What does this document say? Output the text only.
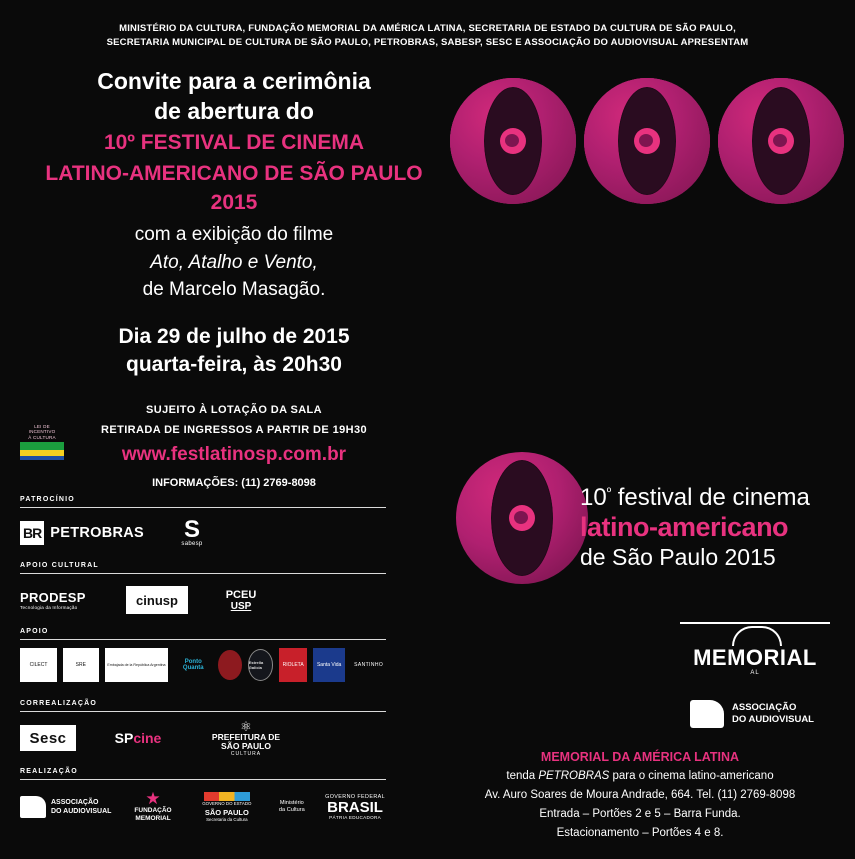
MINISTÉRIO DA CULTURA, FUNDAÇÃO MEMORIAL DA AMÉRICA LATINA, SECRETARIA DE ESTADO DA CULTURA DE SÃO PAULO,
SECRETARIA MUNICIPAL DE CULTURA DE SÃO PAULO, PETROBRAS, SABESP, SESC E ASSOCIAÇÃO DO AUDIOVISUAL APRESENTAM
Convite para a cerimônia
de abertura do
10º FESTIVAL DE CINEMA
LATINO-AMERICANO DE SÃO PAULO 2015
com a exibição do filme
Ato, Atalho e Vento,
de Marcelo Masagão.
Dia 29 de julho de 2015
quarta-feira, às 20h30
SUJEITO À LOTAÇÃO DA SALA
RETIRADA DE INGRESSOS A PARTIR DE 19H30
www.festlatinosp.com.br
INFORMAÇÕES: (11) 2769-8098
LEI DE
INCENTIVO
À CULTURA
PATROCÍNIO
BR PETROBRAS S
sabesp
APOIO CULTURAL
PRODESP
Tecnologia da Informação	cinusp	PCEU
USP
APOIO
CILECT	SRE	Embajada de la República Argentina	Ponto Quanta
Estrella Galicia	RIOLETA	Santa Vida	SANTINHO
CORREALIZAÇÃO
Sesc	SP cine
⚛
PREFEITURA DE
SÃO PAULO
CULTURA
REALIZAÇÃO
ASSOCIAÇÃO
DO AUDIOVISUAL
★
FUNDAÇÃO
MEMORIAL
GOVERNO DO ESTADO
SÃO PAULO
Secretaria da Cultura
Ministério
da Cultura
GOVERNO FEDERAL
BRASIL
PÁTRIA EDUCADORA
$10^º$ festival de cinema
latino-americano
de São Paulo 2015
MEMORIAL
AL
ASSOCIAÇÃO
DO AUDIOVISUAL
MEMORIAL DA AMÉRICA LATINA
tenda PETROBRAS para o cinema latino-americano
Av. Auro Soares de Moura Andrade, 664. Tel. (11) 2769-8098
Entrada – Portões 2 e 5 – Barra Funda.
Estacionamento – Portões 4 e 8.
